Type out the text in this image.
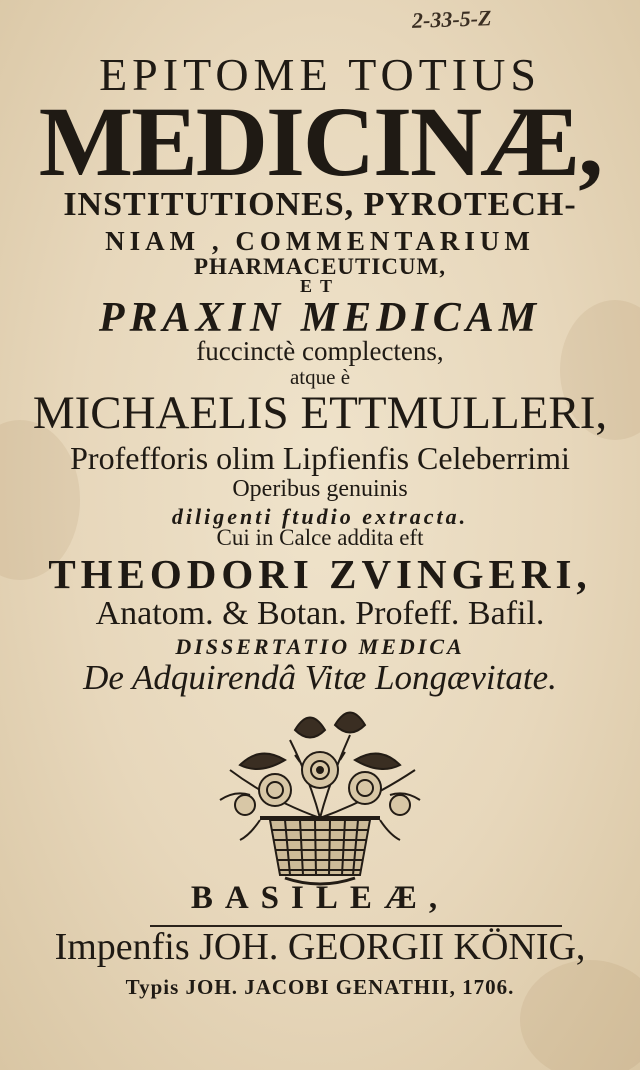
2-33-5-Z
EPITOME TOTIUS
MEDICINÆ,
INSTITUTIONES, PYROTECH-
NIAM , COMMENTARIUM
PHARMACEUTICUM,
ET
PRAXIN MEDICAM
fuccinctè complectens,
atque è
MICHAELIS ETTMULLERI,
Profefforis olim Lipfienfis Celeberrimi
Operibus genuinis
diligenti ftudio extracta.
Cui in Calce addita eft
THEODORI ZVINGERI,
Anatom. & Botan. Profeff. Bafil.
DISSERTATIO MEDICA
De Adquirendâ Vitæ Longævitate.
BASILEÆ,
Impenfis JOH. GEORGII KÖNIG,
Typis JOH. JACOBI GENATHII, 1706.
